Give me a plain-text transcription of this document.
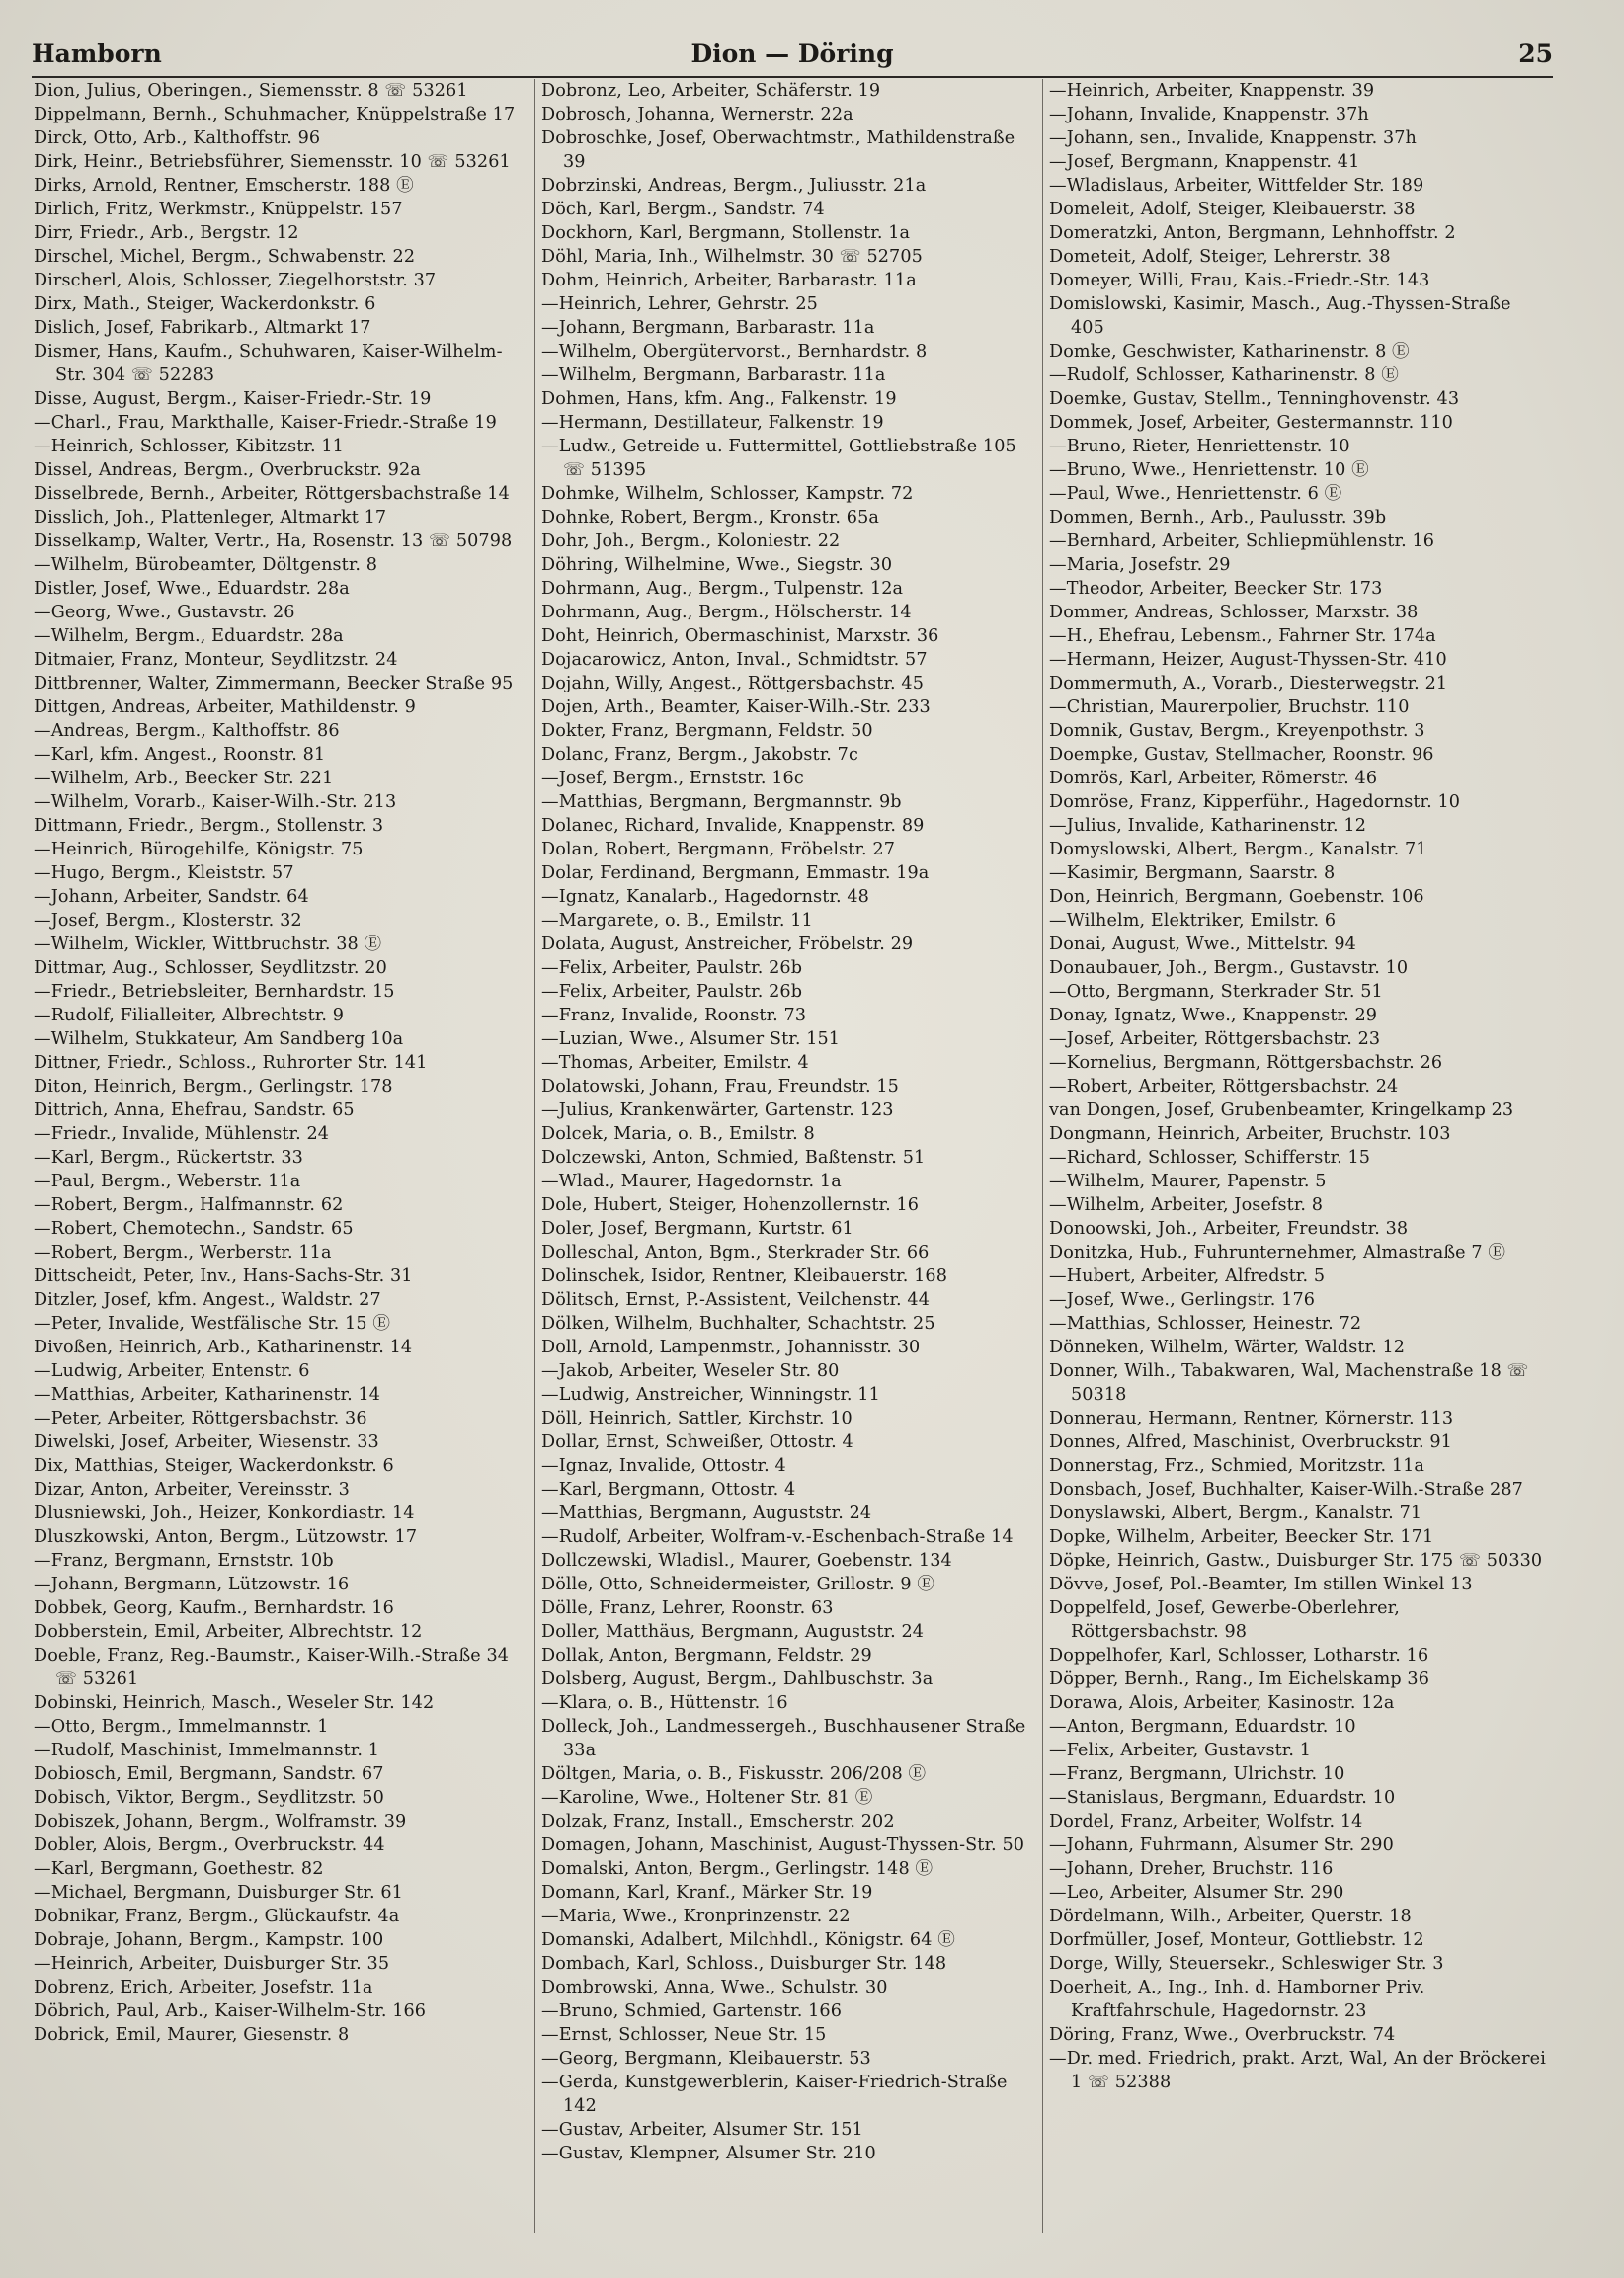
Dion — Döring
Hamborn	25
Dion, Julius, Oberingen., Siemensstr. 8 ☏ 53261
Dippelmann, Bernh., Schuhmacher, Knüppelstraße 17
Dirck, Otto, Arb., Kalthoffstr. 96
Dirk, Heinr., Betriebsführer, Siemensstr. 10 ☏ 53261
Dirks, Arnold, Rentner, Emscherstr. 188 Ⓔ
Dirlich, Fritz, Werkmstr., Knüppelstr. 157
Dirr, Friedr., Arb., Bergstr. 12
Dirschel, Michel, Bergm., Schwabenstr. 22
Dirscherl, Alois, Schlosser, Ziegelhorststr. 37
Dirx, Math., Steiger, Wackerdonkstr. 6
Dislich, Josef, Fabrikarb., Altmarkt 17
Dismer, Hans, Kaufm., Schuhwaren, Kaiser-Wilhelm-Str. 304 ☏ 52283
Disse, August, Bergm., Kaiser-Friedr.-Str. 19
—Charl., Frau, Markthalle, Kaiser-Friedr.-Straße 19
—Heinrich, Schlosser, Kibitzstr. 11
Dissel, Andreas, Bergm., Overbruckstr. 92a
Disselbrede, Bernh., Arbeiter, Röttgersbachstraße 14
Disslich, Joh., Plattenleger, Altmarkt 17
Disselkamp, Walter, Vertr., Ha, Rosenstr. 13 ☏ 50798
—Wilhelm, Bürobeamter, Döltgenstr. 8
Distler, Josef, Wwe., Eduardstr. 28a
—Georg, Wwe., Gustavstr. 26
—Wilhelm, Bergm., Eduardstr. 28a
Ditmaier, Franz, Monteur, Seydlitzstr. 24
Dittbrenner, Walter, Zimmermann, Beecker Straße 95
Dittgen, Andreas, Arbeiter, Mathildenstr. 9
—Andreas, Bergm., Kalthoffstr. 86
—Karl, kfm. Angest., Roonstr. 81
—Wilhelm, Arb., Beecker Str. 221
—Wilhelm, Vorarb., Kaiser-Wilh.-Str. 213
Dittmann, Friedr., Bergm., Stollenstr. 3
—Heinrich, Bürogehilfe, Königstr. 75
—Hugo, Bergm., Kleiststr. 57
—Johann, Arbeiter, Sandstr. 64
—Josef, Bergm., Klosterstr. 32
—Wilhelm, Wickler, Wittbruchstr. 38 Ⓔ
Dittmar, Aug., Schlosser, Seydlitzstr. 20
—Friedr., Betriebsleiter, Bernhardstr. 15
—Rudolf, Filialleiter, Albrechtstr. 9
—Wilhelm, Stukkateur, Am Sandberg 10a
Dittner, Friedr., Schloss., Ruhrorter Str. 141
Diton, Heinrich, Bergm., Gerlingstr. 178
Dittrich, Anna, Ehefrau, Sandstr. 65
—Friedr., Invalide, Mühlenstr. 24
—Karl, Bergm., Rückertstr. 33
—Paul, Bergm., Weberstr. 11a
—Robert, Bergm., Halfmannstr. 62
—Robert, Chemotechn., Sandstr. 65
—Robert, Bergm., Werberstr. 11a
Dittscheidt, Peter, Inv., Hans-Sachs-Str. 31
Ditzler, Josef, kfm. Angest., Waldstr. 27
—Peter, Invalide, Westfälische Str. 15 Ⓔ
Divoßen, Heinrich, Arb., Katharinenstr. 14
—Ludwig, Arbeiter, Entenstr. 6
—Matthias, Arbeiter, Katharinenstr. 14
—Peter, Arbeiter, Röttgersbachstr. 36
Diwelski, Josef, Arbeiter, Wiesenstr. 33
Dix, Matthias, Steiger, Wackerdonkstr. 6
Dizar, Anton, Arbeiter, Vereinsstr. 3
Dlusniewski, Joh., Heizer, Konkordiastr. 14
Dluszkowski, Anton, Bergm., Lützowstr. 17
—Franz, Bergmann, Ernststr. 10b
—Johann, Bergmann, Lützowstr. 16
Dobbek, Georg, Kaufm., Bernhardstr. 16
Dobberstein, Emil, Arbeiter, Albrechtstr. 12
Doeble, Franz, Reg.-Baumstr., Kaiser-Wilh.-Straße 34 ☏ 53261
Dobinski, Heinrich, Masch., Weseler Str. 142
—Otto, Bergm., Immelmannstr. 1
—Rudolf, Maschinist, Immelmannstr. 1
Dobiosch, Emil, Bergmann, Sandstr. 67
Dobisch, Viktor, Bergm., Seydlitzstr. 50
Dobiszek, Johann, Bergm., Wolframstr. 39
Dobler, Alois, Bergm., Overbruckstr. 44
—Karl, Bergmann, Goethestr. 82
—Michael, Bergmann, Duisburger Str. 61
Dobnikar, Franz, Bergm., Glückaufstr. 4a
Dobraje, Johann, Bergm., Kampstr. 100
—Heinrich, Arbeiter, Duisburger Str. 35
Dobrenz, Erich, Arbeiter, Josefstr. 11a
Döbrich, Paul, Arb., Kaiser-Wilhelm-Str. 166
Dobrick, Emil, Maurer, Giesenstr. 8
Dobronz, Leo, Arbeiter, Schäferstr. 19
Dobrosch, Johanna, Wernerstr. 22a
Dobroschke, Josef, Oberwachtmstr., Mathildenstraße 39
Dobrzinski, Andreas, Bergm., Juliusstr. 21a
Döch, Karl, Bergm., Sandstr. 74
Dockhorn, Karl, Bergmann, Stollenstr. 1a
Döhl, Maria, Inh., Wilhelmstr. 30 ☏ 52705
Dohm, Heinrich, Arbeiter, Barbarastr. 11a
—Heinrich, Lehrer, Gehrstr. 25
—Johann, Bergmann, Barbarastr. 11a
—Wilhelm, Obergütervorst., Bernhardstr. 8
—Wilhelm, Bergmann, Barbarastr. 11a
Dohmen, Hans, kfm. Ang., Falkenstr. 19
—Hermann, Destillateur, Falkenstr. 19
—Ludw., Getreide u. Futtermittel, Gottliebstraße 105 ☏ 51395
Dohmke, Wilhelm, Schlosser, Kampstr. 72
Dohnke, Robert, Bergm., Kronstr. 65a
Dohr, Joh., Bergm., Koloniestr. 22
Döhring, Wilhelmine, Wwe., Siegstr. 30
Dohrmann, Aug., Bergm., Tulpenstr. 12a
Dohrmann, Aug., Bergm., Hölscherstr. 14
Doht, Heinrich, Obermaschinist, Marxstr. 36
Dojacarowicz, Anton, Inval., Schmidtstr. 57
Dojahn, Willy, Angest., Röttgersbachstr. 45
Dojen, Arth., Beamter, Kaiser-Wilh.-Str. 233
Dokter, Franz, Bergmann, Feldstr. 50
Dolanc, Franz, Bergm., Jakobstr. 7c
—Josef, Bergm., Ernststr. 16c
—Matthias, Bergmann, Bergmannstr. 9b
Dolanec, Richard, Invalide, Knappenstr. 89
Dolan, Robert, Bergmann, Fröbelstr. 27
Dolar, Ferdinand, Bergmann, Emmastr. 19a
—Ignatz, Kanalarb., Hagedornstr. 48
—Margarete, o. B., Emilstr. 11
Dolata, August, Anstreicher, Fröbelstr. 29
—Felix, Arbeiter, Paulstr. 26b
—Felix, Arbeiter, Paulstr. 26b
—Franz, Invalide, Roonstr. 73
—Luzian, Wwe., Alsumer Str. 151
—Thomas, Arbeiter, Emilstr. 4
Dolatowski, Johann, Frau, Freundstr. 15
—Julius, Krankenwärter, Gartenstr. 123
Dolcek, Maria, o. B., Emilstr. 8
Dolczewski, Anton, Schmied, Baßtenstr. 51
—Wlad., Maurer, Hagedornstr. 1a
Dole, Hubert, Steiger, Hohenzollernstr. 16
Doler, Josef, Bergmann, Kurtstr. 61
Dolleschal, Anton, Bgm., Sterkrader Str. 66
Dolinschek, Isidor, Rentner, Kleibauerstr. 168
Dölitsch, Ernst, P.-Assistent, Veilchenstr. 44
Dölken, Wilhelm, Buchhalter, Schachtstr. 25
Doll, Arnold, Lampenmstr., Johannisstr. 30
—Jakob, Arbeiter, Weseler Str. 80
—Ludwig, Anstreicher, Winningstr. 11
Döll, Heinrich, Sattler, Kirchstr. 10
Dollar, Ernst, Schweißer, Ottostr. 4
—Ignaz, Invalide, Ottostr. 4
—Karl, Bergmann, Ottostr. 4
—Matthias, Bergmann, Auguststr. 24
—Rudolf, Arbeiter, Wolfram-v.-Eschenbach-Straße 14
Dollczewski, Wladisl., Maurer, Goebenstr. 134
Dölle, Otto, Schneidermeister, Grillostr. 9 Ⓔ
Dölle, Franz, Lehrer, Roonstr. 63
Doller, Matthäus, Bergmann, Auguststr. 24
Dollak, Anton, Bergmann, Feldstr. 29
Dolsberg, August, Bergm., Dahlbuschstr. 3a
—Klara, o. B., Hüttenstr. 16
Dolleck, Joh., Landmessergeh., Buschhausener Straße 33a
Döltgen, Maria, o. B., Fiskusstr. 206/208 Ⓔ
—Karoline, Wwe., Holtener Str. 81 Ⓔ
Dolzak, Franz, Install., Emscherstr. 202
Domagen, Johann, Maschinist, August-Thyssen-Str. 50
Domalski, Anton, Bergm., Gerlingstr. 148 Ⓔ
Domann, Karl, Kranf., Märker Str. 19
—Maria, Wwe., Kronprinzenstr. 22
Domanski, Adalbert, Milchhdl., Königstr. 64 Ⓔ
Dombach, Karl, Schloss., Duisburger Str. 148
Dombrowski, Anna, Wwe., Schulstr. 30
—Bruno, Schmied, Gartenstr. 166
—Ernst, Schlosser, Neue Str. 15
—Georg, Bergmann, Kleibauerstr. 53
—Gerda, Kunstgewerblerin, Kaiser-Friedrich-Straße 142
—Gustav, Arbeiter, Alsumer Str. 151
—Gustav, Klempner, Alsumer Str. 210
—Heinrich, Arbeiter, Knappenstr. 39
—Johann, Invalide, Knappenstr. 37h
—Johann, sen., Invalide, Knappenstr. 37h
—Josef, Bergmann, Knappenstr. 41
—Wladislaus, Arbeiter, Wittfelder Str. 189
Domeleit, Adolf, Steiger, Kleibauerstr. 38
Domeratzki, Anton, Bergmann, Lehnhoffstr. 2
Dometeit, Adolf, Steiger, Lehrerstr. 38
Domeyer, Willi, Frau, Kais.-Friedr.-Str. 143
Domislowski, Kasimir, Masch., Aug.-Thyssen-Straße 405
Domke, Geschwister, Katharinenstr. 8 Ⓔ
—Rudolf, Schlosser, Katharinenstr. 8 Ⓔ
Doemke, Gustav, Stellm., Tenninghovenstr. 43
Dommek, Josef, Arbeiter, Gestermannstr. 110
—Bruno, Rieter, Henriettenstr. 10
—Bruno, Wwe., Henriettenstr. 10 Ⓔ
—Paul, Wwe., Henriettenstr. 6 Ⓔ
Dommen, Bernh., Arb., Paulusstr. 39b
—Bernhard, Arbeiter, Schliepmühlenstr. 16
—Maria, Josefstr. 29
—Theodor, Arbeiter, Beecker Str. 173
Dommer, Andreas, Schlosser, Marxstr. 38
—H., Ehefrau, Lebensm., Fahrner Str. 174a
—Hermann, Heizer, August-Thyssen-Str. 410
Dommermuth, A., Vorarb., Diesterwegstr. 21
—Christian, Maurerpolier, Bruchstr. 110
Domnik, Gustav, Bergm., Kreyenpothstr. 3
Doempke, Gustav, Stellmacher, Roonstr. 96
Domrös, Karl, Arbeiter, Römerstr. 46
Domröse, Franz, Kipperführ., Hagedornstr. 10
—Julius, Invalide, Katharinenstr. 12
Domyslowski, Albert, Bergm., Kanalstr. 71
—Kasimir, Bergmann, Saarstr. 8
Don, Heinrich, Bergmann, Goebenstr. 106
—Wilhelm, Elektriker, Emilstr. 6
Donai, August, Wwe., Mittelstr. 94
Donaubauer, Joh., Bergm., Gustavstr. 10
—Otto, Bergmann, Sterkrader Str. 51
Donay, Ignatz, Wwe., Knappenstr. 29
—Josef, Arbeiter, Röttgersbachstr. 23
—Kornelius, Bergmann, Röttgersbachstr. 26
—Robert, Arbeiter, Röttgersbachstr. 24
van Dongen, Josef, Grubenbeamter, Kringelkamp 23
Dongmann, Heinrich, Arbeiter, Bruchstr. 103
—Richard, Schlosser, Schifferstr. 15
—Wilhelm, Maurer, Papenstr. 5
—Wilhelm, Arbeiter, Josefstr. 8
Donoowski, Joh., Arbeiter, Freundstr. 38
Donitzka, Hub., Fuhrunternehmer, Almastraße 7 Ⓔ
—Hubert, Arbeiter, Alfredstr. 5
—Josef, Wwe., Gerlingstr. 176
—Matthias, Schlosser, Heinestr. 72
Dönneken, Wilhelm, Wärter, Waldstr. 12
Donner, Wilh., Tabakwaren, Wal, Machenstraße 18 ☏ 50318
Donnerau, Hermann, Rentner, Körnerstr. 113
Donnes, Alfred, Maschinist, Overbruckstr. 91
Donnerstag, Frz., Schmied, Moritzstr. 11a
Donsbach, Josef, Buchhalter, Kaiser-Wilh.-Straße 287
Donyslawski, Albert, Bergm., Kanalstr. 71
Dopke, Wilhelm, Arbeiter, Beecker Str. 171
Döpke, Heinrich, Gastw., Duisburger Str. 175 ☏ 50330
Dövve, Josef, Pol.-Beamter, Im stillen Winkel 13
Doppelfeld, Josef, Gewerbe-Oberlehrer, Röttgersbachstr. 98
Doppelhofer, Karl, Schlosser, Lotharstr. 16
Döpper, Bernh., Rang., Im Eichelskamp 36
Dorawa, Alois, Arbeiter, Kasinostr. 12a
—Anton, Bergmann, Eduardstr. 10
—Felix, Arbeiter, Gustavstr. 1
—Franz, Bergmann, Ulrichstr. 10
—Stanislaus, Bergmann, Eduardstr. 10
Dordel, Franz, Arbeiter, Wolfstr. 14
—Johann, Fuhrmann, Alsumer Str. 290
—Johann, Dreher, Bruchstr. 116
—Leo, Arbeiter, Alsumer Str. 290
Dördelmann, Wilh., Arbeiter, Querstr. 18
Dorfmüller, Josef, Monteur, Gottliebstr. 12
Dorge, Willy, Steuersekr., Schleswiger Str. 3
Doerheit, A., Ing., Inh. d. Hamborner Priv. Kraftfahrschule, Hagedornstr. 23
Döring, Franz, Wwe., Overbruckstr. 74
—Dr. med. Friedrich, prakt. Arzt, Wal, An der Bröckerei 1 ☏ 52388
